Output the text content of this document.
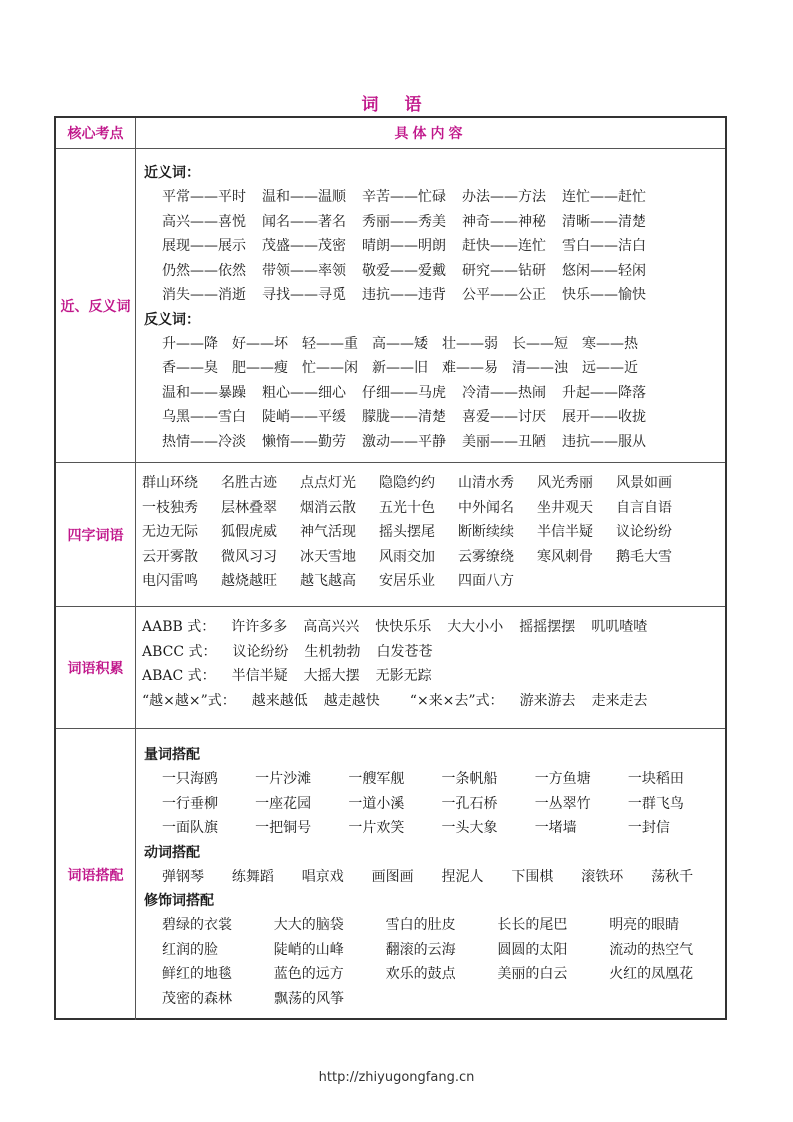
词 语
核心考点	具体内容
近、反义词
近义词：
平常——平时	温和——温顺	辛苦——忙碌	办法——方法	连忙——赶忙
高兴——喜悦	闻名——著名	秀丽——秀美	神奇——神秘	清晰——清楚
展现——展示	茂盛——茂密	晴朗——明朗	赶快——连忙	雪白——洁白
仍然——依然	带领——率领	敬爱——爱戴	研究——钻研	悠闲——轻闲
消失——消逝	寻找——寻觅	违抗——违背	公平——公正	快乐——愉快
反义词：
升——降	好——坏	轻——重	高——矮	壮——弱	长——短	寒——热
香——臭	肥——瘦	忙——闲	新——旧	难——易	清——浊	远——近
温和——暴躁	粗心——细心	仔细——马虎	冷清——热闹	升起——降落
乌黑——雪白	陡峭——平缓	朦胧——清楚	喜爱——讨厌	展开——收拢
热情——冷淡	懒惰——勤劳	激动——平静	美丽——丑陋	违抗——服从
四字词语
群山环绕	名胜古迹	点点灯光	隐隐约约	山清水秀	风光秀丽	风景如画
一枝独秀	层林叠翠	烟消云散	五光十色	中外闻名	坐井观天	自言自语
无边无际	狐假虎威	神气活现	摇头摆尾	断断续续	半信半疑	议论纷纷
云开雾散	微风习习	冰天雪地	风雨交加	云雾缭绕	寒风刺骨	鹅毛大雪
电闪雷鸣	越烧越旺	越飞越高	安居乐业	四面八方
词语积累
AABB 式： 许许多多 高高兴兴 快快乐乐 大大小小 摇摇摆摆 叽叽喳喳
ABCC 式： 议论纷纷 生机勃勃 白发苍苍
ABAC 式： 半信半疑 大摇大摆 无影无踪
“越×越×”式： 越来越低 越走越快 “×来×去”式： 游来游去 走来走去
词语搭配
量词搭配
一只海鸥	一片沙滩	一艘军舰	一条帆船	一方鱼塘	一块稻田
一行垂柳	一座花园	一道小溪	一孔石桥	一丛翠竹	一群飞鸟
一面队旗	一把铜号	一片欢笑	一头大象	一堵墙	一封信
动词搭配
弹钢琴	练舞蹈	唱京戏	画图画	捏泥人	下围棋	滚铁环	荡秋千
修饰词搭配
碧绿的衣裳	大大的脑袋	雪白的肚皮	长长的尾巴	明亮的眼睛
红润的脸	陡峭的山峰	翻滚的云海	圆圆的太阳	流动的热空气
鲜红的地毯	蓝色的远方	欢乐的鼓点	美丽的白云	火红的凤凰花
茂密的森林	飘荡的风筝
http://zhiyugongfang.cn
